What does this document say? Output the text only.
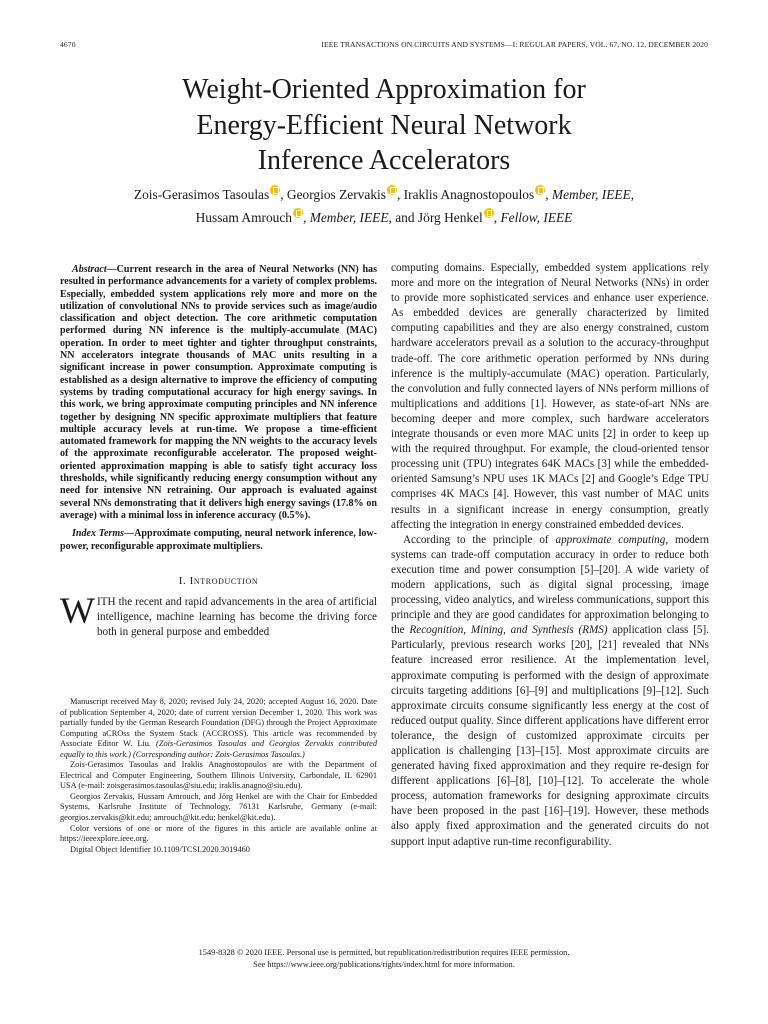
4670	IEEE TRANSACTIONS ON CIRCUITS AND SYSTEMS—I: REGULAR PAPERS, VOL. 67, NO. 12, DECEMBER 2020
Weight-Oriented Approximation for
Energy-Efficient Neural Network
Inference Accelerators
Zois-Gerasimos Tasoulas , Georgios Zervakis , Iraklis Anagnostopoulos , Member, IEEE,
Hussam Amrouch , Member, IEEE, and Jörg Henkel , Fellow, IEEE

Abstract—Current research in the area of Neural Networks (NN) has resulted in performance advancements for a variety of complex problems. Especially, embedded system applications rely more and more on the utilization of convolutional NNs to provide services such as image/audio classification and object detection. The core arithmetic computation performed during NN inference is the multiply-accumulate (MAC) operation. In order to meet tighter and tighter throughput constraints, NN accelerators integrate thousands of MAC units resulting in a significant increase in power consumption. Approximate computing is established as a design alternative to improve the efficiency of computing systems by trading computational accuracy for high energy savings. In this work, we bring approximate computing principles and NN inference together by designing NN specific approximate multipliers that feature multiple accuracy levels at run-time. We propose a time-efficient automated framework for mapping the NN weights to the accuracy levels of the approximate reconfigurable accelerator. The proposed weight-oriented approximation mapping is able to satisfy tight accuracy loss thresholds, while significantly reducing energy consumption without any need for intensive NN retraining. Our approach is evaluated against several NNs demonstrating that it delivers high energy savings (17.8% on average) with a minimal loss in inference accuracy (0.5%).

Index Terms—Approximate computing, neural network inference, low-power, reconfigurable approximate multipliers.

I. Introduction

WITH the recent and rapid advancements in the area of artificial intelligence, machine learning has become the driving force both in general purpose and embedded

Manuscript received May 8, 2020; revised July 24, 2020; accepted August 16, 2020. Date of publication September 4, 2020; date of current version December 1, 2020. This work was partially funded by the German Research Foundation (DFG) through the Project Approximate Computing aCROss the System Stack (ACCROSS). This article was recommended by Associate Editor W. Liu. (Zois-Gerasimos Tasoulas and Georgios Zervakis contributed equally to this work.) (Corresponding author: Zois-Gerasimos Tasoulas.)

Zois-Gerasimos Tasoulas and Iraklis Anagnostopoulos are with the Department of Electrical and Computer Engineering, Southern Illinois University, Carbondale, IL 62901 USA (e-mail: zoisgerasimos.tasoulas@siu.edu; iraklis.anagno@siu.edu).

Georgios Zervakis, Hussam Amrouch, and Jörg Henkel are with the Chair for Embedded Systems, Karlsruhe Institute of Technology, 76131 Karlsruhe, Germany (e-mail: georgios.zervakis@kit.edu; amrouch@kit.edu; henkel@kit.edu).

Color versions of one or more of the figures in this article are available online at https://ieeexplore.ieee.org.

Digital Object Identifier 10.1109/TCSI.2020.3019460

computing domains. Especially, embedded system applications rely more and more on the integration of Neural Networks (NNs) in order to provide more sophisticated services and enhance user experience. As embedded devices are generally characterized by limited computing capabilities and they are also energy constrained, custom hardware accelerators prevail as a solution to the accuracy-throughput trade-off. The core arithmetic operation performed by NNs during inference is the multiply-accumulate (MAC) operation. Particularly, the convolution and fully connected layers of NNs perform millions of multiplications and additions [1]. However, as state-of-art NNs are becoming deeper and more complex, such hardware accelerators integrate thousands or even more MAC units [2] in order to keep up with the required throughput. For example, the cloud-oriented tensor processing unit (TPU) integrates 64K MACs [3] while the embedded-oriented Samsung’s NPU uses 1K MACs [2] and Google’s Edge TPU comprises 4K MACs [4]. However, this vast number of MAC units results in a significant increase in energy consumption, greatly affecting the integration in energy constrained embedded devices.

According to the principle of approximate computing, modern systems can trade-off computation accuracy in order to reduce both execution time and power consumption [5]–[20]. A wide variety of modern applications, such as digital signal processing, image processing, video analytics, and wireless communications, support this principle and they are good candidates for approximation belonging to the Recognition, Mining, and Synthesis (RMS) application class [5]. Particularly, previous research works [20], [21] revealed that NNs feature increased error resilience. At the implementation level, approximate computing is performed with the design of approximate circuits targeting additions [6]–[9] and multiplications [9]–[12]. Such approximate circuits consume significantly less energy at the cost of reduced output quality. Since different applications have different error tolerance, the design of customized approximate circuits per application is challenging [13]–[15]. Most approximate circuits are generated having fixed approximation and they require re-design for different applications [6]–[8], [10]–[12]. To accelerate the whole process, automation frameworks for designing approximate circuits have been proposed in the past [16]–[19]. However, these methods also apply fixed approximation and the generated circuits do not support input adaptive run-time reconfigurability.

1549-8328 © 2020 IEEE. Personal use is permitted, but republication/redistribution requires IEEE permission.
See https://www.ieee.org/publications/rights/index.html for more information.
